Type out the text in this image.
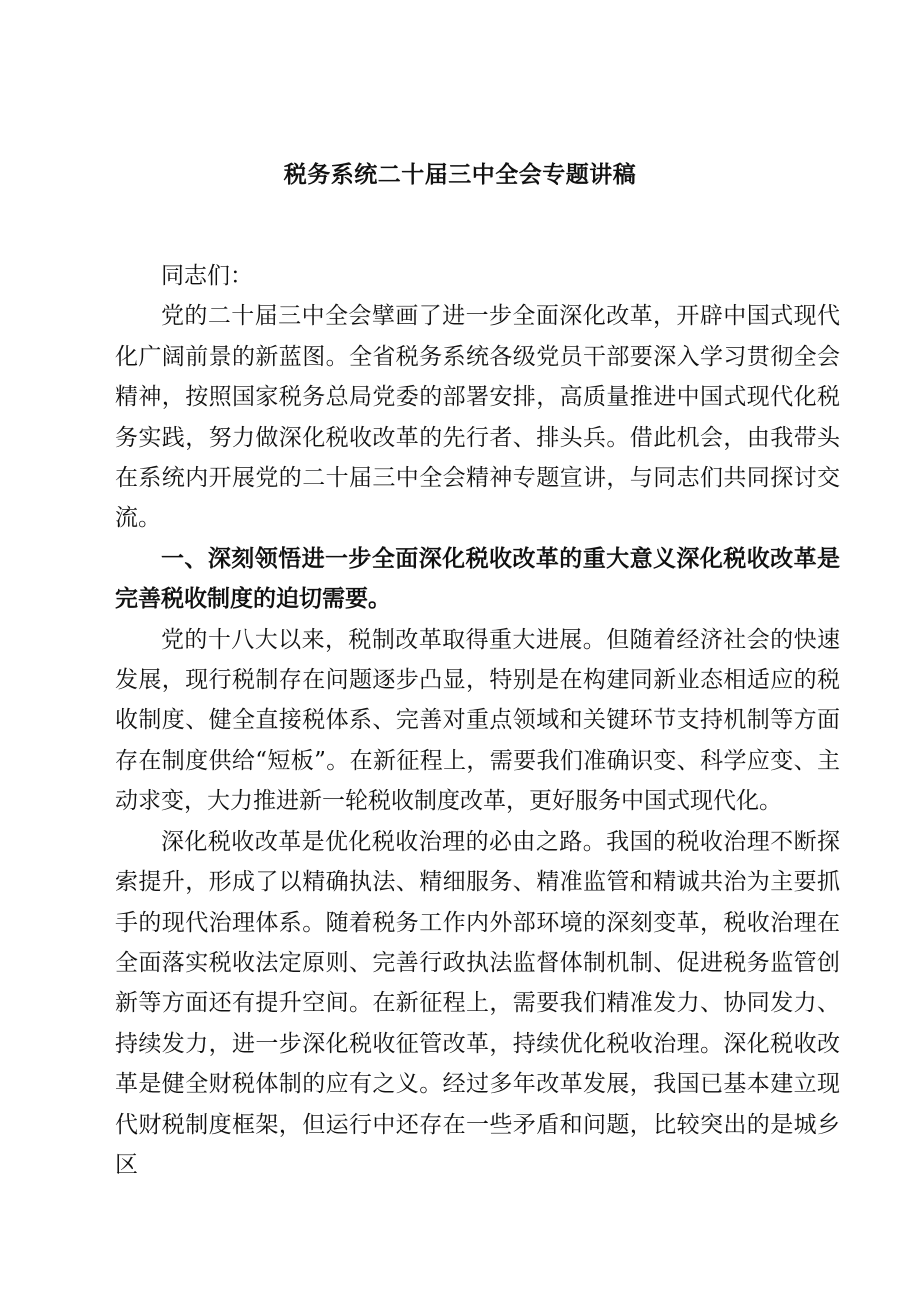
税务系统二十届三中全会专题讲稿

同志们：

党的二十届三中全会擘画了进一步全面深化改革，开辟中国式现代化广阔前景的新蓝图。全省税务系统各级党员干部要深入学习贯彻全会精神，按照国家税务总局党委的部署安排，高质量推进中国式现代化税务实践，努力做深化税收改革的先行者、排头兵。借此机会，由我带头在系统内开展党的二十届三中全会精神专题宣讲，与同志们共同探讨交流。

一、深刻领悟进一步全面深化税收改革的重大意义深化税收改革是完善税收制度的迫切需要。

党的十八大以来，税制改革取得重大进展。但随着经济社会的快速发展，现行税制存在问题逐步凸显，特别是在构建同新业态相适应的税收制度、健全直接税体系、完善对重点领域和关键环节支持机制等方面存在制度供给“短板”。在新征程上，需要我们准确识变、科学应变、主动求变，大力推进新一轮税收制度改革，更好服务中国式现代化。

深化税收改革是优化税收治理的必由之路。我国的税收治理不断探索提升，形成了以精确执法、精细服务、精准监管和精诚共治为主要抓手的现代治理体系。随着税务工作内外部环境的深刻变革，税收治理在全面落实税收法定原则、完善行政执法监督体制机制、促进税务监管创新等方面还有提升空间。在新征程上，需要我们精准发力、协同发力、持续发力，进一步深化税收征管改革，持续优化税收治理。深化税收改革是健全财税体制的应有之义。经过多年改革发展，我国已基本建立现代财税制度框架，但运行中还存在一些矛盾和问题，比较突出的是城乡区
